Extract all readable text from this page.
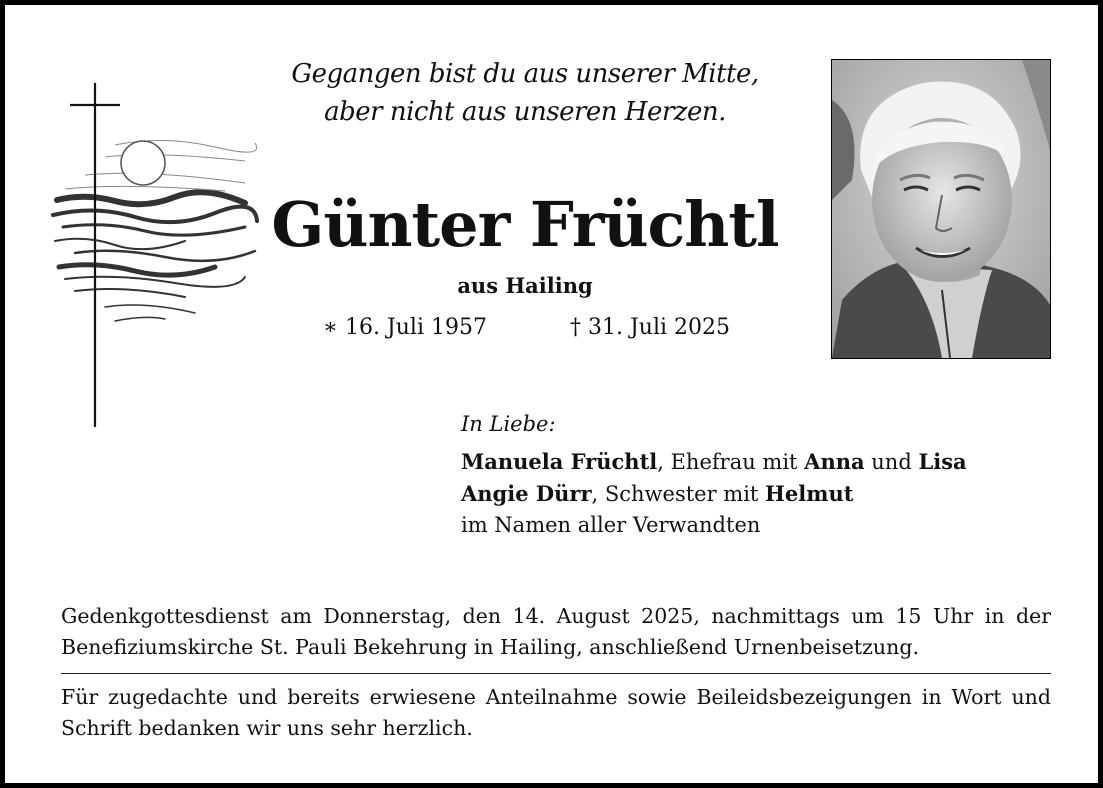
Gegangen bist du aus unserer Mitte,
aber nicht aus unseren Herzen.
Günter Früchtl
aus Hailing
∗ 16. Juli 1957	† 31. Juli 2025
In Liebe:
Manuela Früchtl, Ehefrau mit Anna und Lisa
Angie Dürr, Schwester mit Helmut
im Namen aller Verwandten
Gedenkgottesdienst am Donnerstag, den 14. August 2025, nachmittags um 15 Uhr in der Benefiziumskirche St. Pauli Bekehrung in Hailing, anschließend Urnenbeisetzung.
Für zugedachte und bereits erwiesene Anteilnahme sowie Beileidsbezeigungen in Wort und Schrift bedanken wir uns sehr herzlich.
